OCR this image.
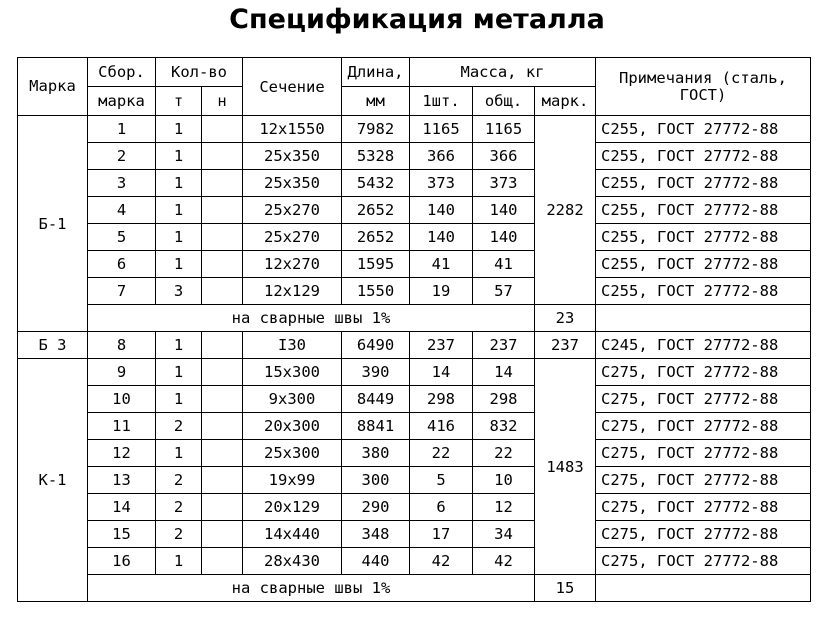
Спецификация металла
Марка	Сбор.	Кол-во		Сечение	Длина,	Масса, кг			Примечания (сталь, ГОСТ)
	марка	т	н		мм	1шт.	общ.	марк.	
Б-1	1	1		12x1550	7982	1165	1165	2282	С255, ГОСТ 27772-88
	2	1		25x350	5328	366	366		С255, ГОСТ 27772-88
	3	1		25x350	5432	373	373		С255, ГОСТ 27772-88
	4	1		25x270	2652	140	140		С255, ГОСТ 27772-88
	5	1		25x270	2652	140	140		С255, ГОСТ 27772-88
	6	1		12x270	1595	41	41		С255, ГОСТ 27772-88
	7	3		12x129	1550	19	57		С255, ГОСТ 27772-88
	на сварные швы 1%							23	
Б 3	8	1		I30	6490	237	237	237	С245, ГОСТ 27772-88
К-1	9	1		15x300	390	14	14	1483	С275, ГОСТ 27772-88
	10	1		9x300	8449	298	298		С275, ГОСТ 27772-88
	11	2		20x300	8841	416	832		С275, ГОСТ 27772-88
	12	1		25x300	380	22	22		С275, ГОСТ 27772-88
	13	2		19x99	300	5	10		С275, ГОСТ 27772-88
	14	2		20x129	290	6	12		С275, ГОСТ 27772-88
	15	2		14x440	348	17	34		С275, ГОСТ 27772-88
	16	1		28x430	440	42	42		С275, ГОСТ 27772-88
	на сварные швы 1%							15	
